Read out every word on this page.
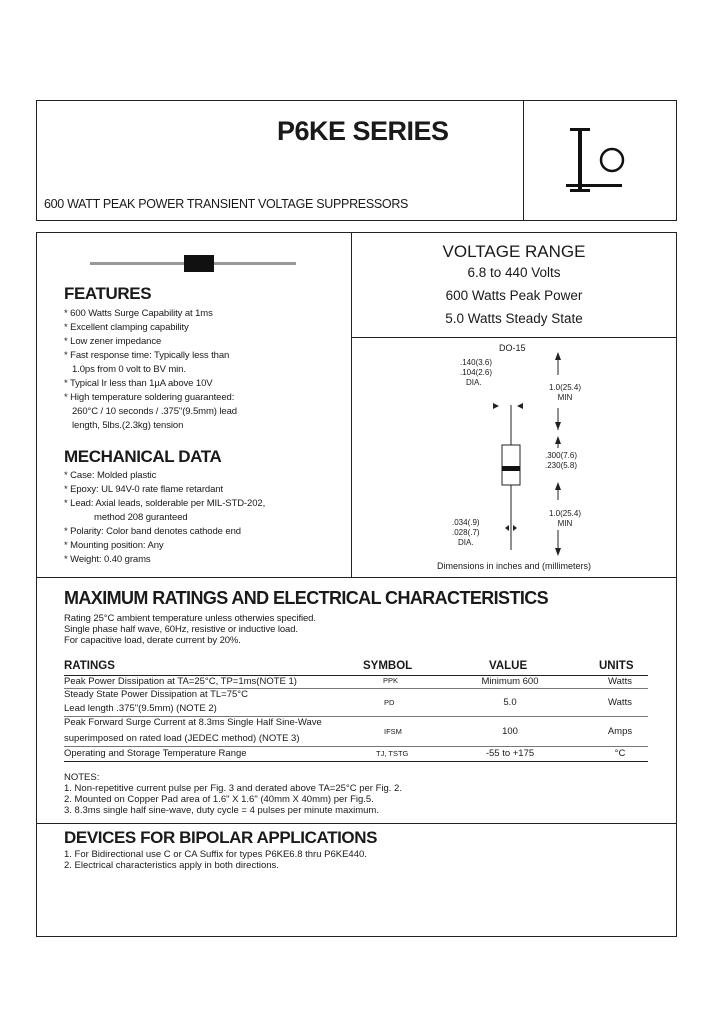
P6KE SERIES
600 WATT PEAK POWER TRANSIENT VOLTAGE SUPPRESSORS
FEATURES
* 600 Watts Surge Capability at 1ms
* Excellent clamping capability
* Low zener impedance
* Fast response time: Typically less than
1.0ps from 0 volt to BV min.
* Typical Ir less than 1µA above 10V
* High temperature soldering guaranteed:
260°C / 10 seconds / .375"(9.5mm) lead
length, 5lbs.(2.3kg) tension
MECHANICAL DATA
* Case: Molded plastic
* Epoxy: UL 94V-0 rate flame retardant
* Lead: Axial leads, solderable per MIL-STD-202,
method 208 guranteed
* Polarity: Color band denotes cathode end
* Mounting position: Any
* Weight: 0.40 grams
VOLTAGE RANGE
6.8 to 440 Volts
600 Watts Peak Power
5.0 Watts Steady State
DO-15
.140(3.6)
.104(2.6)
DIA.
1.0(25.4)
MIN
.300(7.6)
.230(5.8)
1.0(25.4)
MIN
.034(.9)
.028(.7)
DIA.
Dimensions in inches and (millimeters)
MAXIMUM RATINGS AND ELECTRICAL CHARACTERISTICS
Rating 25°C ambient temperature unless otherwies specified.
Single phase half wave, 60Hz, resistive or inductive load.
For capacitive load, derate current by 20%.
RATINGS	SYMBOL	VALUE	UNITS
Peak Power Dissipation at TA=25°C, TP=1ms(NOTE 1)	PPK	Minimum 600	Watts
Steady State Power Dissipation at TL=75°C
Lead length .375"(9.5mm) (NOTE 2)
PD	5.0	Watts
Peak Forward Surge Current at 8.3ms Single Half Sine-Wave
superimposed on rated load (JEDEC method) (NOTE 3)
IFSM	100	Amps
Operating and Storage Temperature Range	TJ, TSTG	-55 to +175	°C
NOTES:
1. Non-repetitive current pulse per Fig. 3 and derated above TA=25°C per Fig. 2.
2. Mounted on Copper Pad area of 1.6" X 1.6" (40mm X 40mm) per Fig.5.
3. 8.3ms single half sine-wave, duty cycle = 4 pulses per minute maximum.
DEVICES FOR BIPOLAR APPLICATIONS
1. For Bidirectional use C or CA Suffix for types P6KE6.8 thru P6KE440.
2. Electrical characteristics apply in both directions.
